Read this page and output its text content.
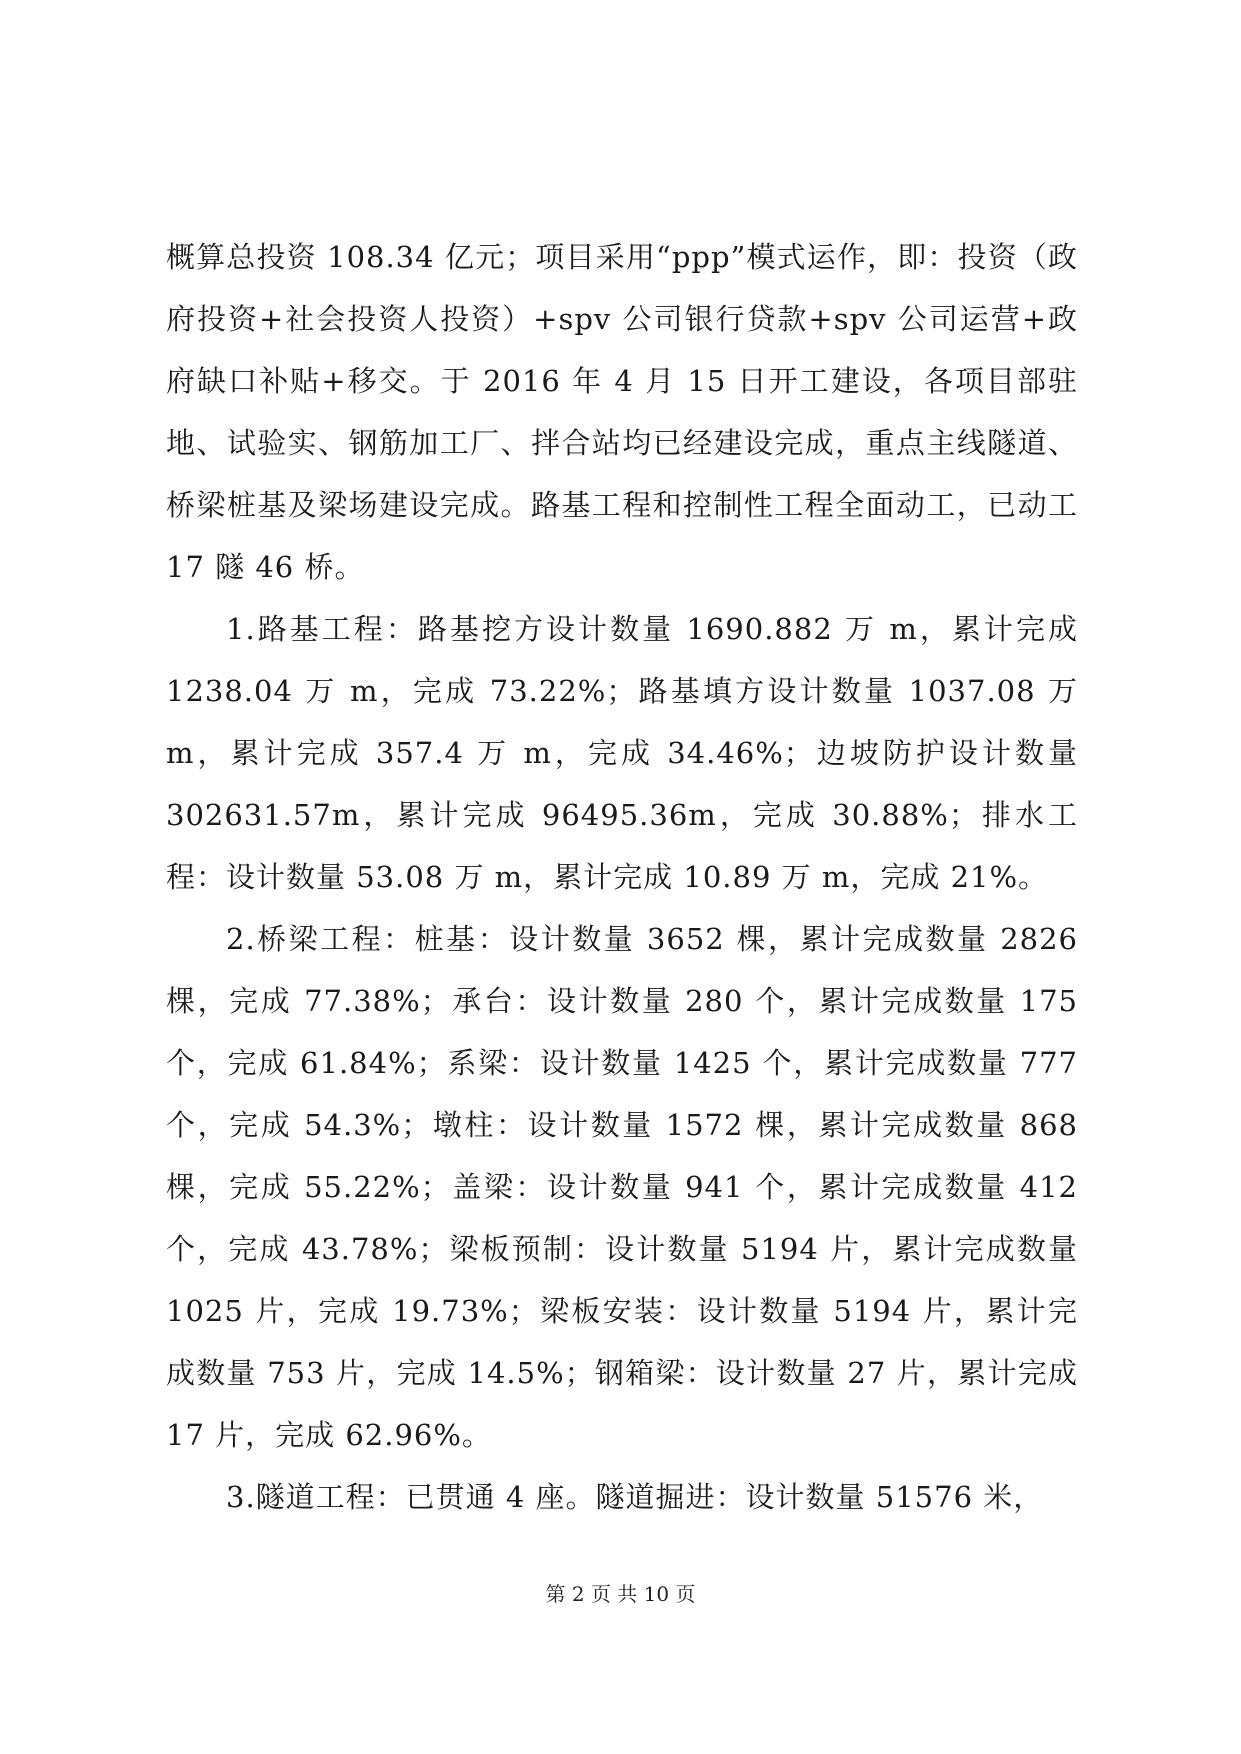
概算总投资 108.34 亿元；项目采用“ppp”模式运作，即：投资（政府投资+社会投资人投资）+spv 公司银行贷款+spv 公司运营+政府缺口补贴+移交。于 2016 年 4 月 15 日开工建设，各项目部驻地、试验实、钢筋加工厂、拌合站均已经建设完成，重点主线隧道、桥梁桩基及梁场建设完成。路基工程和控制性工程全面动工，已动工 17 隧 46 桥。

1.路基工程：路基挖方设计数量 1690.882 万 m，累计完成 1238.04 万 m，完成 73.22%；路基填方设计数量 1037.08 万 m，累计完成 357.4 万 m，完成 34.46%；边坡防护设计数量 302631.57m，累计完成 96495.36m，完成 30.88%；排水工程：设计数量 53.08 万 m，累计完成 10.89 万 m，完成 21%。

2.桥梁工程：桩基：设计数量 3652 棵，累计完成数量 2826 棵，完成 77.38%；承台：设计数量 280 个，累计完成数量 175 个，完成 61.84%；系梁：设计数量 1425 个，累计完成数量 777 个，完成 54.3%；墩柱：设计数量 1572 棵，累计完成数量 868 棵，完成 55.22%；盖梁：设计数量 941 个，累计完成数量 412 个，完成 43.78%；梁板预制：设计数量 5194 片，累计完成数量 1025 片，完成 19.73%；梁板安装：设计数量 5194 片，累计完成数量 753 片，完成 14.5%；钢箱梁：设计数量 27 片，累计完成 17 片，完成 62.96%。

3.隧道工程：已贯通 4 座。隧道掘进：设计数量 51576 米，

第 2 页 共 10 页
